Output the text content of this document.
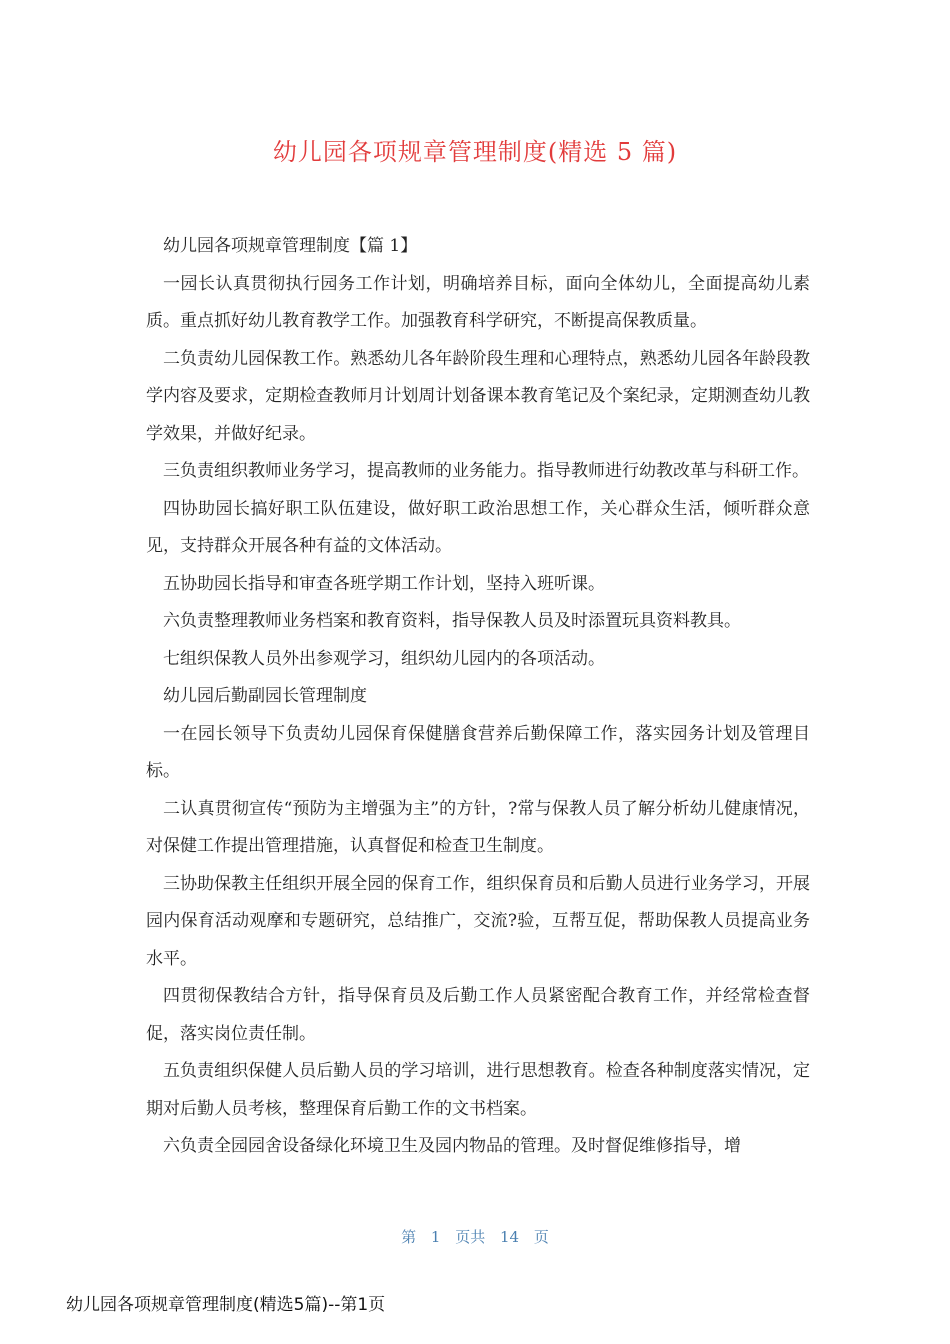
幼儿园各项规章管理制度(精选 5 篇)

幼儿园各项规章管理制度【篇 1】

一园长认真贯彻执行园务工作计划，明确培养目标，面向全体幼儿，全面提高幼儿素质。重点抓好幼儿教育教学工作。加强教育科学研究，不断提高保教质量。

二负责幼儿园保教工作。熟悉幼儿各年龄阶段生理和心理特点，熟悉幼儿园各年龄段教学内容及要求，定期检查教师月计划周计划备课本教育笔记及个案纪录，定期测查幼儿教学效果，并做好纪录。

三负责组织教师业务学习，提高教师的业务能力。指导教师进行幼教改革与科研工作。

四协助园长搞好职工队伍建设，做好职工政治思想工作，关心群众生活，倾听群众意见，支持群众开展各种有益的文体活动。

五协助园长指导和审查各班学期工作计划，坚持入班听课。

六负责整理教师业务档案和教育资料，指导保教人员及时添置玩具资料教具。

七组织保教人员外出参观学习，组织幼儿园内的各项活动。

幼儿园后勤副园长管理制度

一在园长领导下负责幼儿园保育保健膳食营养后勤保障工作，落实园务计划及管理目标。

二认真贯彻宣传“预防为主增强为主”的方针，?常与保教人员了解分析幼儿健康情况，对保健工作提出管理措施，认真督促和检查卫生制度。

三协助保教主任组织开展全园的保育工作，组织保育员和后勤人员进行业务学习，开展园内保育活动观摩和专题研究，总结推广，交流?验，互帮互促，帮助保教人员提高业务水平。

四贯彻保教结合方针，指导保育员及后勤工作人员紧密配合教育工作，并经常检查督促，落实岗位责任制。

五负责组织保健人员后勤人员的学习培训，进行思想教育。检查各种制度落实情况，定期对后勤人员考核，整理保育后勤工作的文书档案。

六负责全园园舍设备绿化环境卫生及园内物品的管理。及时督促维修指导，增

第 1 页共 14 页
幼儿园各项规章管理制度(精选5篇)--第1页
